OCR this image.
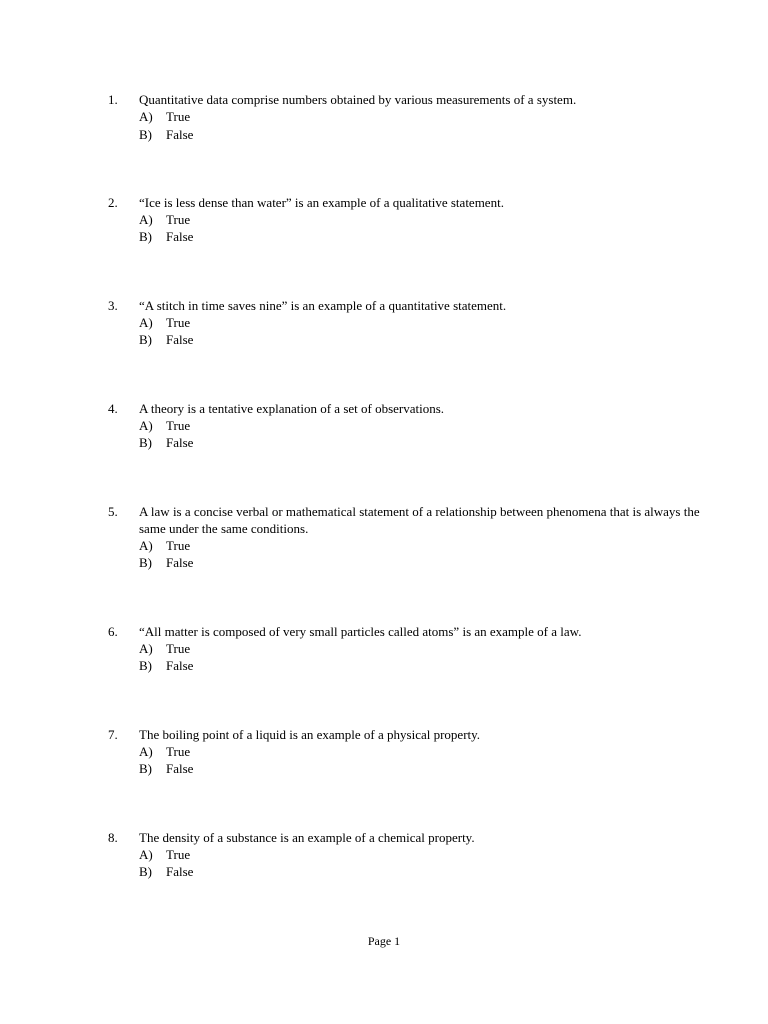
1.	Quantitative data comprise numbers obtained by various measurements of a system.
A)	True
B)	False
2.	“Ice is less dense than water” is an example of a qualitative statement.
A)	True
B)	False
3.	“A stitch in time saves nine” is an example of a quantitative statement.
A)	True
B)	False
4.	A theory is a tentative explanation of a set of observations.
A)	True
B)	False
5.	A law is a concise verbal or mathematical statement of a relationship between phenomena that is always the same under the same conditions.
A)	True
B)	False
6.	“All matter is composed of very small particles called atoms” is an example of a law.
A)	True
B)	False
7.	The boiling point of a liquid is an example of a physical property.
A)	True
B)	False
8.	The density of a substance is an example of a chemical property.
A)	True
B)	False
Page 1
